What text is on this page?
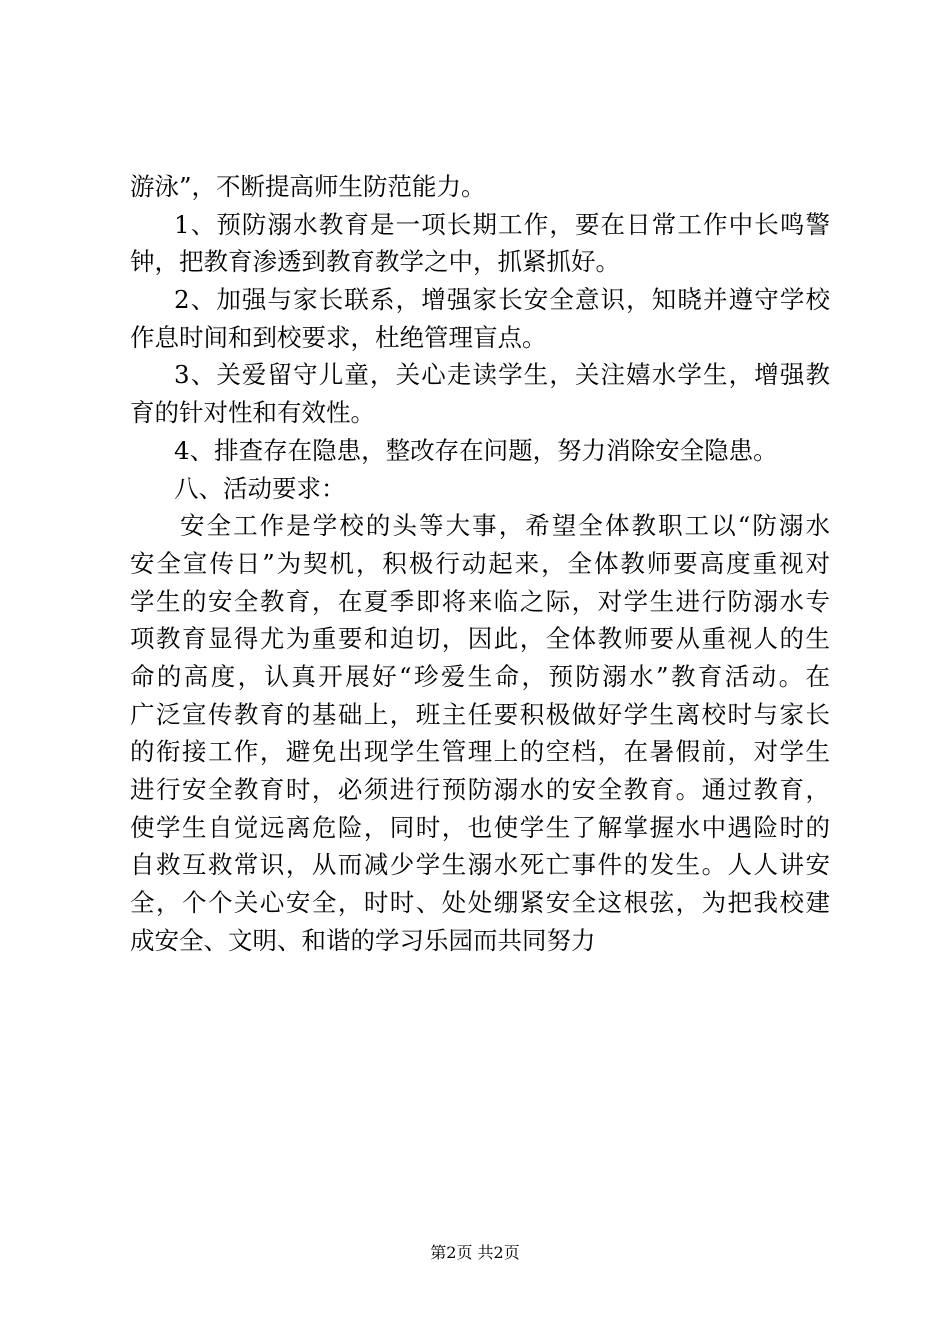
游泳”，不断提高师生防范能力。
1、预防溺水教育是一项长期工作，要在日常工作中长鸣警
钟，把教育渗透到教育教学之中，抓紧抓好。
2、加强与家长联系，增强家长安全意识，知晓并遵守学校
作息时间和到校要求，杜绝管理盲点。
3、关爱留守儿童，关心走读学生，关注嬉水学生，增强教
育的针对性和有效性。
4、排查存在隐患，整改存在问题，努力消除安全隐患。
八、活动要求：
安全工作是学校的头等大事，希望全体教职工以“防溺水
安全宣传日”为契机，积极行动起来，全体教师要高度重视对
学生的安全教育，在夏季即将来临之际，对学生进行防溺水专
项教育显得尤为重要和迫切，因此，全体教师要从重视人的生
命的高度，认真开展好“珍爱生命，预防溺水”教育活动。在
广泛宣传教育的基础上，班主任要积极做好学生离校时与家长
的衔接工作，避免出现学生管理上的空档，在暑假前，对学生
进行安全教育时，必须进行预防溺水的安全教育。通过教育，
使学生自觉远离危险，同时，也使学生了解掌握水中遇险时的
自救互救常识，从而减少学生溺水死亡事件的发生。人人讲安
全，个个关心安全，时时、处处绷紧安全这根弦，为把我校建
成安全、文明、和谐的学习乐园而共同努力
第2页 共2页
